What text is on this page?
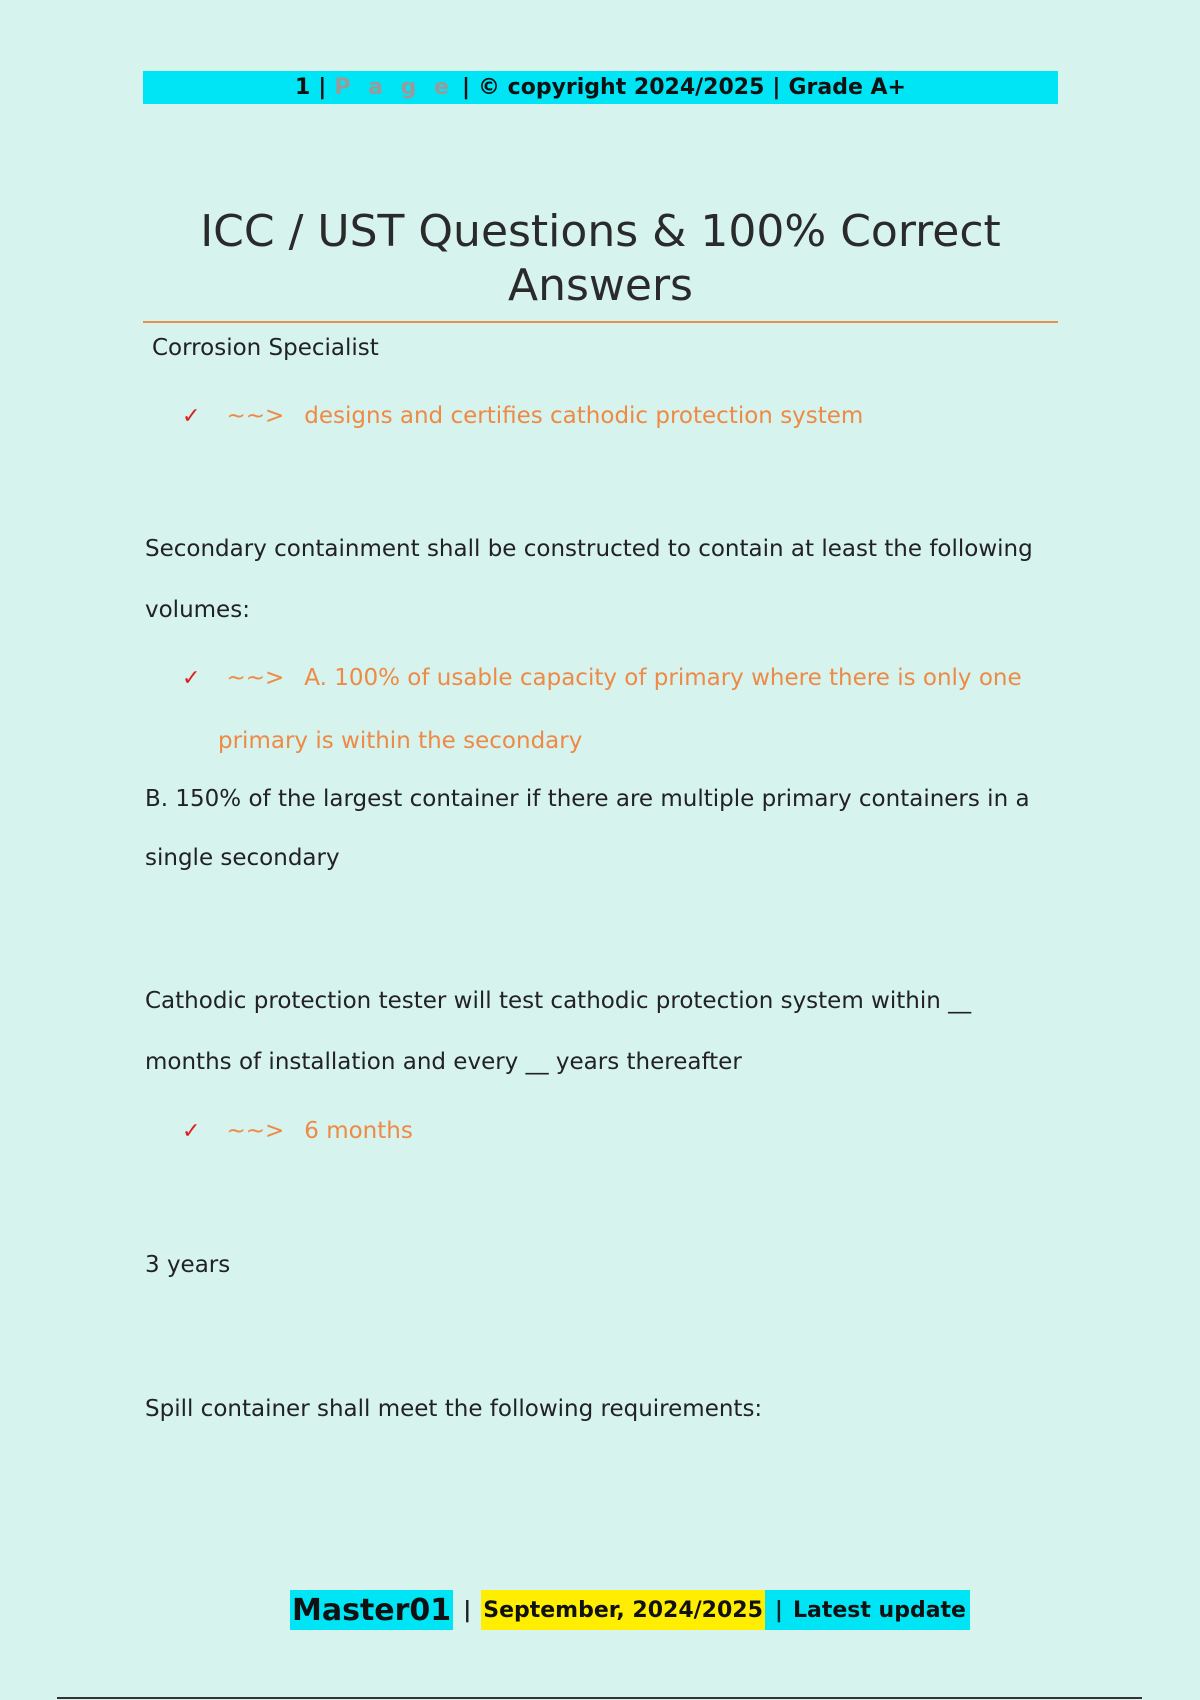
1 | P a g e | © copyright 2024/2025 | Grade A+
ICC / UST Questions & 100% Correct
Answers
Corrosion Specialist
✓ ~~> designs and certifies cathodic protection system
Secondary containment shall be constructed to contain at least the following
volumes:
✓ ~~> A. 100% of usable capacity of primary where there is only one
primary is within the secondary
B. 150% of the largest container if there are multiple primary containers in a
single secondary
Cathodic protection tester will test cathodic protection system within __
months of installation and every __ years thereafter
✓ ~~> 6 months
3 years
Spill container shall meet the following requirements:
Master01 | September, 2024/2025 | Latest update
